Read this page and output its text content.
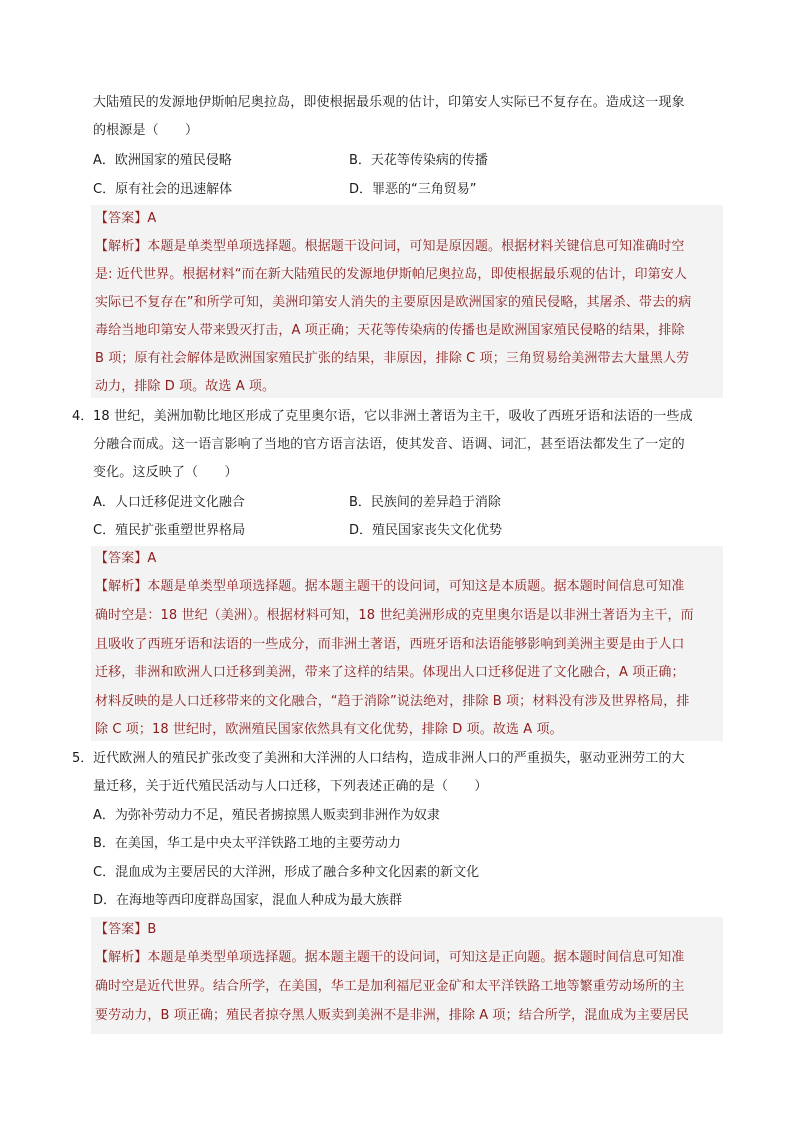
大陆殖民的发源地伊斯帕尼奥拉岛，即使根据最乐观的估计，印第安人实际已不复存在。造成这一现象
的根源是（　　）
A．欧洲国家的殖民侵略	B．天花等传染病的传播
C．原有社会的迅速解体	D．罪恶的“三角贸易”
【答案】A
【解析】本题是单类型单项选择题。根据题干设问词，可知是原因题。根据材料关键信息可知准确时空
是: 近代世界。根据材料“而在新大陆殖民的发源地伊斯帕尼奥拉岛，即使根据最乐观的估计，印第安人
实际已不复存在”和所学可知，美洲印第安人消失的主要原因是欧洲国家的殖民侵略，其屠杀、带去的病
毒给当地印第安人带来毁灭打击，A 项正确；天花等传染病的传播也是欧洲国家殖民侵略的结果，排除
B 项；原有社会解体是欧洲国家殖民扩张的结果，非原因，排除 C 项；三角贸易给美洲带去大量黑人劳
动力，排除 D 项。故选 A 项。
4． 18 世纪，美洲加勒比地区形成了克里奥尔语，它以非洲土著语为主干，吸收了西班牙语和法语的一些成
分融合而成。这一语言影响了当地的官方语言法语，使其发音、语调、词汇，甚至语法都发生了一定的
变化。这反映了（　　）
A．人口迁移促进文化融合	B．民族间的差异趋于消除
C．殖民扩张重塑世界格局	D．殖民国家丧失文化优势
【答案】A
【解析】本题是单类型单项选择题。据本题主题干的设问词，可知这是本质题。据本题时间信息可知准
确时空是：18 世纪（美洲）。根据材料可知，18 世纪美洲形成的克里奥尔语是以非洲土著语为主干，而
且吸收了西班牙语和法语的一些成分，而非洲土著语，西班牙语和法语能够影响到美洲主要是由于人口
迁移，非洲和欧洲人口迁移到美洲，带来了这样的结果。体现出人口迁移促进了文化融合，A 项正确；
材料反映的是人口迁移带来的文化融合，“趋于消除”说法绝对，排除 B 项；材料没有涉及世界格局，排
除 C 项；18 世纪时，欧洲殖民国家依然具有文化优势，排除 D 项。故选 A 项。
5． 近代欧洲人的殖民扩张改变了美洲和大洋洲的人口结构，造成非洲人口的严重损失，驱动亚洲劳工的大
量迁移，关于近代殖民活动与人口迁移，下列表述正确的是（　　）
A．为弥补劳动力不足，殖民者掳掠黑人贩卖到非洲作为奴隶
B．在美国，华工是中央太平洋铁路工地的主要劳动力
C．混血成为主要居民的大洋洲，形成了融合多种文化因素的新文化
D．在海地等西印度群岛国家，混血人种成为最大族群
【答案】B
【解析】本题是单类型单项选择题。据本题主题干的设问词，可知这是正向题。据本题时间信息可知准
确时空是近代世界。结合所学，在美国，华工是加利福尼亚金矿和太平洋铁路工地等繁重劳动场所的主
要劳动力，B 项正确；殖民者掠夺黑人贩卖到美洲不是非洲，排除 A 项；结合所学，混血成为主要居民
